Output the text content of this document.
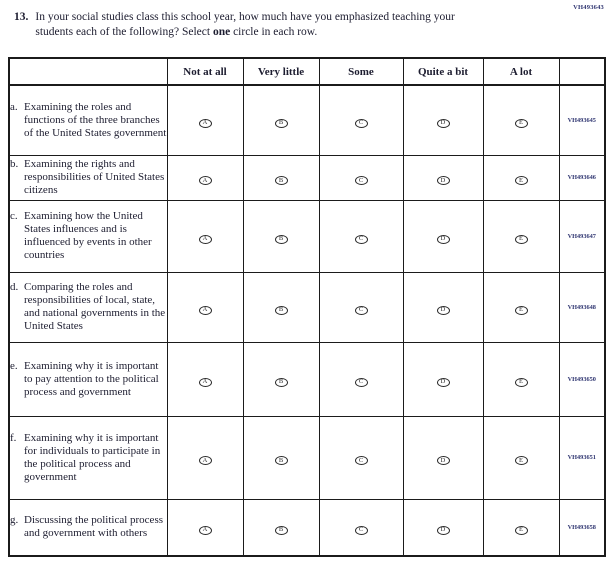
VH493643
13. In your social studies class this school year, how much have you emphasized teaching your students each of the following? Select one circle in each row.
	Not at all	Very little	Some	Quite a bit	A lot	

a. Examining the roles and functions of the three branches of the United States government	A	B	C	D	E	VH493645

b. Examining the rights and responsibilities of United States citizens	A	B	C	D	E	VH493646

c. Examining how the United States influences and is influenced by events in other countries	A	B	C	D	E	VH493647

d. Comparing the roles and responsibilities of local, state, and national governments in the United States	A	B	C	D	E	VH493648

e. Examining why it is important to pay attention to the political process and government	A	B	C	D	E	VH493650

f. Examining why it is important for individuals to participate in the political process and government	A	B	C	D	E	VH493651

g. Discussing the political process and government with others	A	B	C	D	E	VH493658
